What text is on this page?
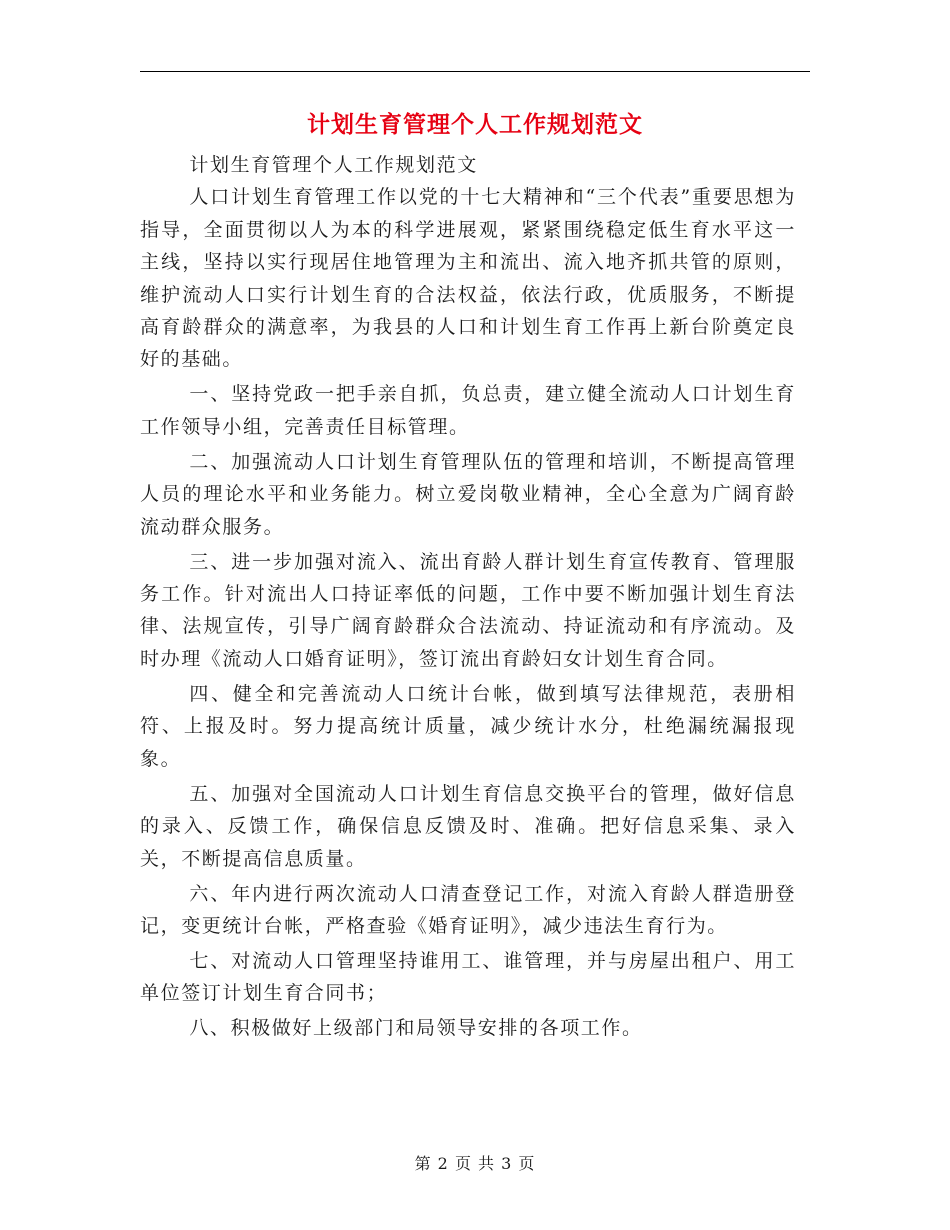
计划生育管理个人工作规划范文

计划生育管理个人工作规划范文

人口计划生育管理工作以党的十七大精神和“三个代表”重要思想为指导，全面贯彻以人为本的科学进展观，紧紧围绕稳定低生育水平这一主线，坚持以实行现居住地管理为主和流出、流入地齐抓共管的原则，维护流动人口实行计划生育的合法权益，依法行政，优质服务，不断提高育龄群众的满意率，为我县的人口和计划生育工作再上新台阶奠定良好的基础。

一、坚持党政一把手亲自抓，负总责，建立健全流动人口计划生育工作领导小组，完善责任目标管理。

二、加强流动人口计划生育管理队伍的管理和培训，不断提高管理人员的理论水平和业务能力。树立爱岗敬业精神，全心全意为广阔育龄流动群众服务。

三、进一步加强对流入、流出育龄人群计划生育宣传教育、管理服务工作。针对流出人口持证率低的问题，工作中要不断加强计划生育法律、法规宣传，引导广阔育龄群众合法流动、持证流动和有序流动。及时办理《流动人口婚育证明》，签订流出育龄妇女计划生育合同。

四、健全和完善流动人口统计台帐，做到填写法律规范，表册相符、上报及时。努力提高统计质量，减少统计水分，杜绝漏统漏报现象。

五、加强对全国流动人口计划生育信息交换平台的管理，做好信息的录入、反馈工作，确保信息反馈及时、准确。把好信息采集、录入关，不断提高信息质量。

六、年内进行两次流动人口清查登记工作，对流入育龄人群造册登记，变更统计台帐，严格查验《婚育证明》，减少违法生育行为。

七、对流动人口管理坚持谁用工、谁管理，并与房屋出租户、用工单位签订计划生育合同书；

八、积极做好上级部门和局领导安排的各项工作。

第 2 页 共 3 页
